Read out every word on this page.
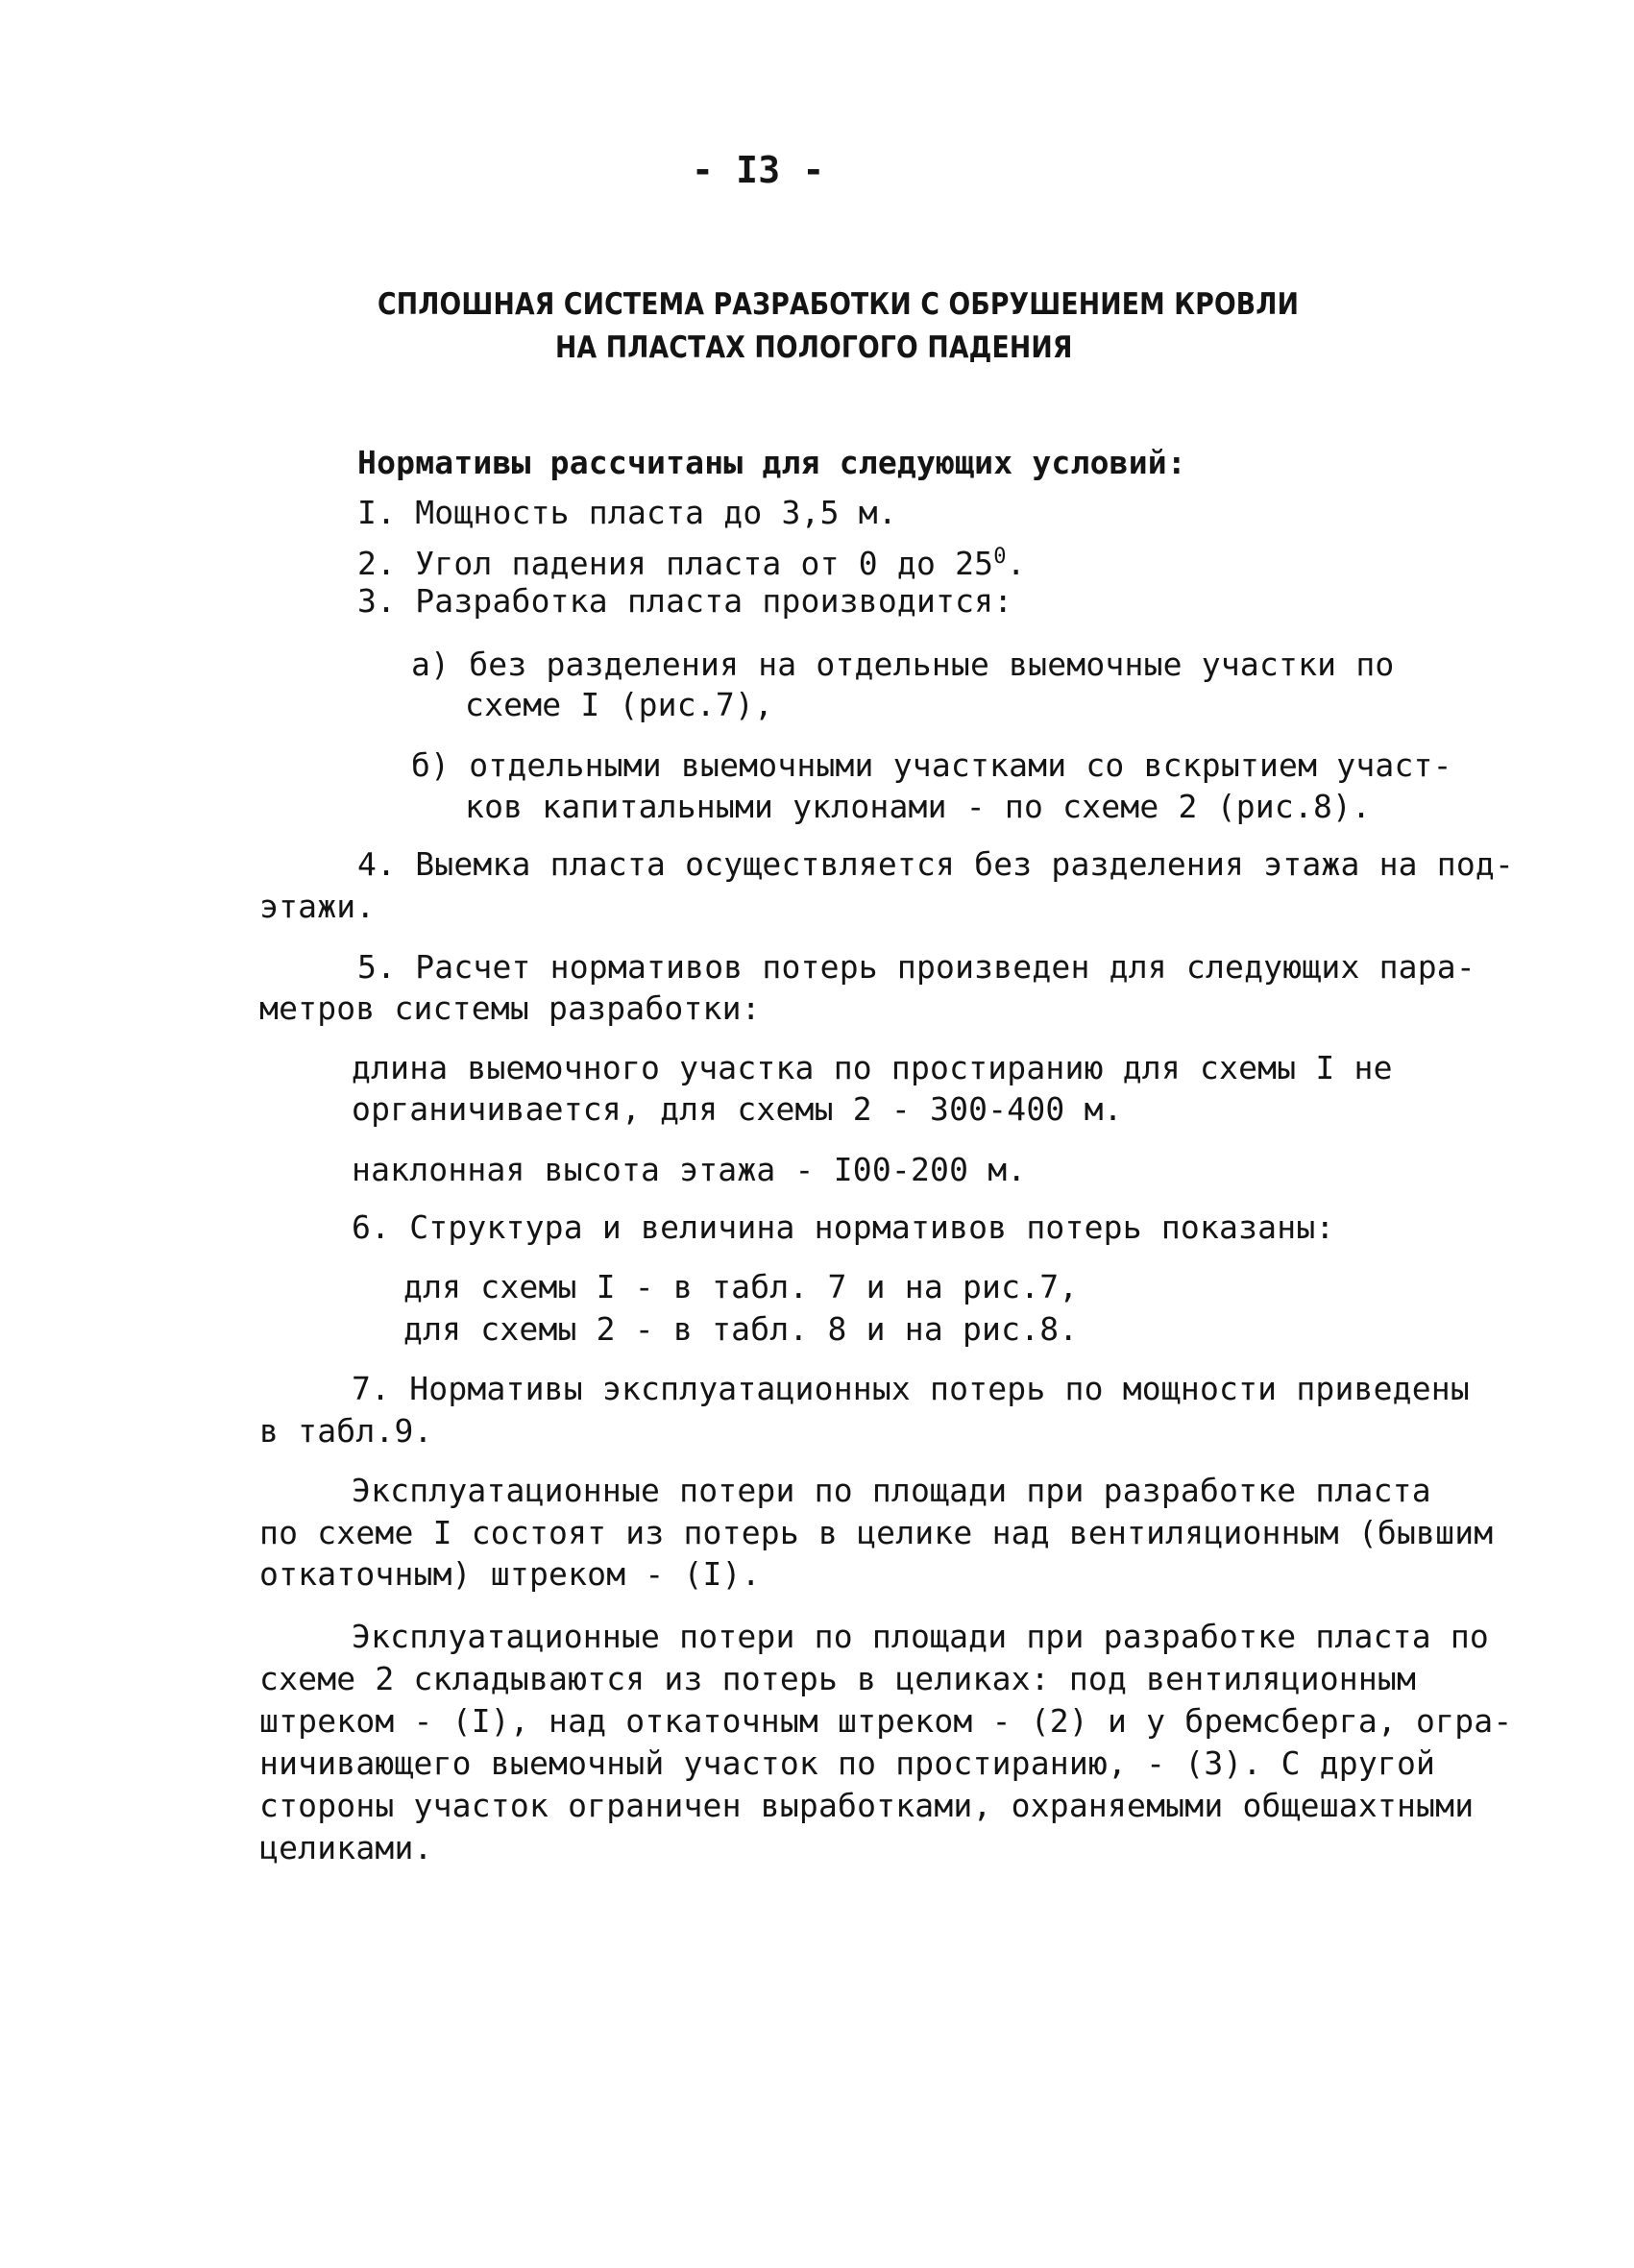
- I3 -
СПЛОШНАЯ СИСТЕМА РАЗРАБОТКИ С ОБРУШЕНИЕМ КРОВЛИ
НА ПЛАСТАХ ПОЛОГОГО ПАДЕНИЯ
Нормативы рассчитаны для следующих условий:
I. Мощность пласта до 3,5 м.
2. Угол падения пласта от 0 до $25^0$.
3. Разработка пласта производится:
а) без разделения на отдельные выемочные участки по
схеме I (рис.7),
б) отдельными выемочными участками со вскрытием участ-
ков капитальными уклонами - по схеме 2 (рис.8).
4. Выемка пласта осуществляется без разделения этажа на под-
этажи.
5. Расчет нормативов потерь произведен для следующих пара-
метров системы разработки:
длина выемочного участка по простиранию для схемы I не
органичивается, для схемы 2 - 300-400 м.
наклонная высота этажа - I00-200 м.
6. Структура и величина нормативов потерь показаны:
для схемы I - в табл. 7 и на рис.7,
для схемы 2 - в табл. 8 и на рис.8.
7. Нормативы эксплуатационных потерь по мощности приведены
в табл.9.
Эксплуатационные потери по площади при разработке пласта
по схеме I состоят из потерь в целике над вентиляционным (бывшим
откаточным) штреком - (I).
Эксплуатационные потери по площади при разработке пласта по
схеме 2 складываются из потерь в целиках: под вентиляционным
штреком - (I), над откаточным штреком - (2) и у бремсберга, огра-
ничивающего выемочный участок по простиранию, - (3). С другой
стороны участок ограничен выработками, охраняемыми общешахтными
целиками.
